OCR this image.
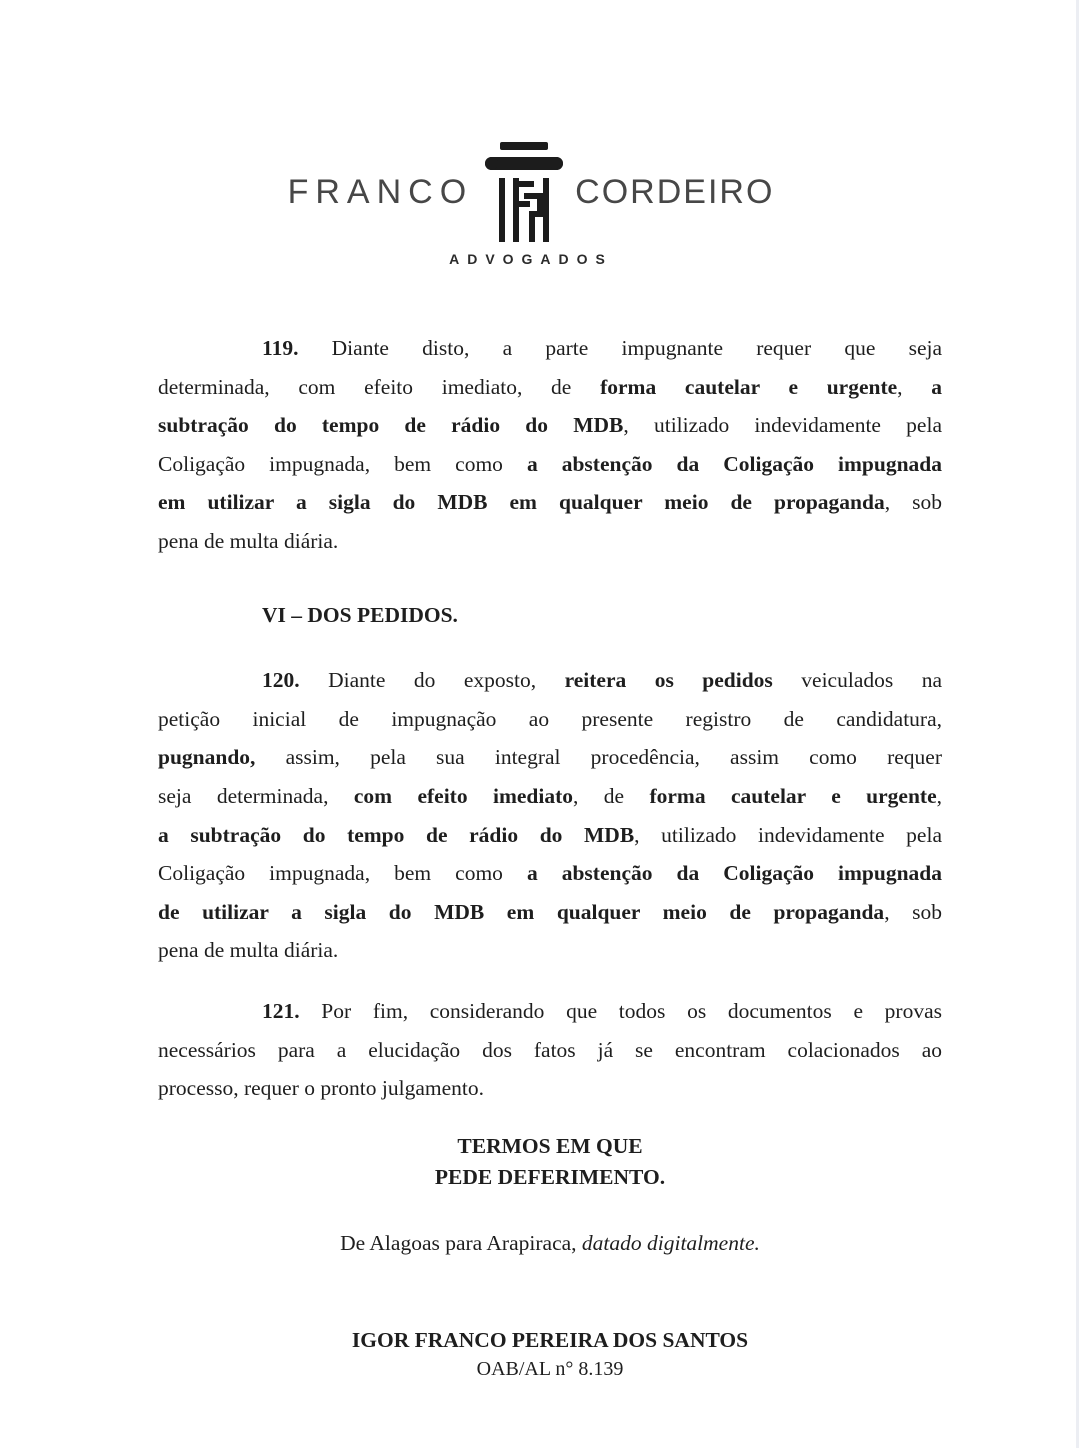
FRANCO	CORDEIRO
ADVOGADOS
119. Diante disto, a parte impugnante requer que seja
determinada, com efeito imediato, de forma cautelar e urgente, a
subtração do tempo de rádio do MDB, utilizado indevidamente pela
Coligação impugnada, bem como a abstenção da Coligação impugnada
em utilizar a sigla do MDB em qualquer meio de propaganda, sob
pena de multa diária.
VI – DOS PEDIDOS.
120. Diante do exposto, reitera os pedidos veiculados na
petição inicial de impugnação ao presente registro de candidatura,
pugnando, assim, pela sua integral procedência, assim como requer
seja determinada, com efeito imediato, de forma cautelar e urgente,
a subtração do tempo de rádio do MDB, utilizado indevidamente pela
Coligação impugnada, bem como a abstenção da Coligação impugnada
de utilizar a sigla do MDB em qualquer meio de propaganda, sob
pena de multa diária.
121. Por fim, considerando que todos os documentos e provas
necessários para a elucidação dos fatos já se encontram colacionados ao
processo, requer o pronto julgamento.
TERMOS EM QUE
PEDE DEFERIMENTO.
De Alagoas para Arapiraca, datado digitalmente.
IGOR FRANCO PEREIRA DOS SANTOS
OAB/AL n° 8.139
